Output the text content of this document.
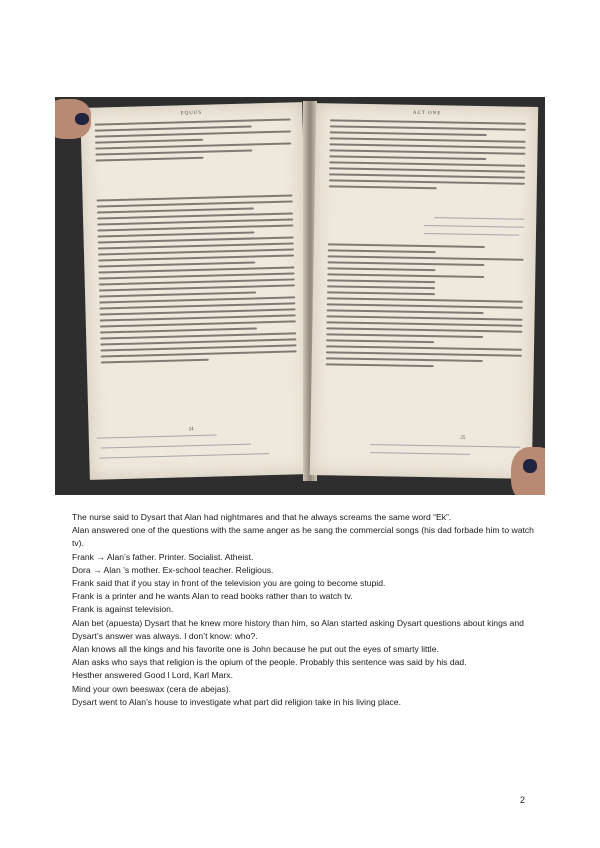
EQUUS
24
ACT ONE
25

The nurse said to Dysart that Alan had nightmares and that he always screams the same word “Ek”.

Alan answered one of the questions with the same anger as he sang the commercial songs (his dad forbade him to watch tv).

Frank → Alan’s father. Printer. Socialist. Atheist.

Dora → Alan ’s mother. Ex-school teacher. Religious.

Frank said that if you stay in front of the television you are going to become stupid.

Frank is a printer and he wants Alan to read books rather than to watch tv.

Frank is against television.

Alan bet (apuesta) Dysart that he knew more history than him, so Alan started asking Dysart questions about kings and Dysart’s answer was always. I don’t know: who?.

Alan knows all the kings and his favorite one is John because he put out the eyes of smarty little.

Alan asks who says that religion is the opium of the people. Probably this sentence was said by his dad.

Hesther answered Good l Lord, Karl Marx.

Mind your own beeswax (cera de abejas).

Dysart went to Alan’s house to investigate what part did religion take in his living place.

2
